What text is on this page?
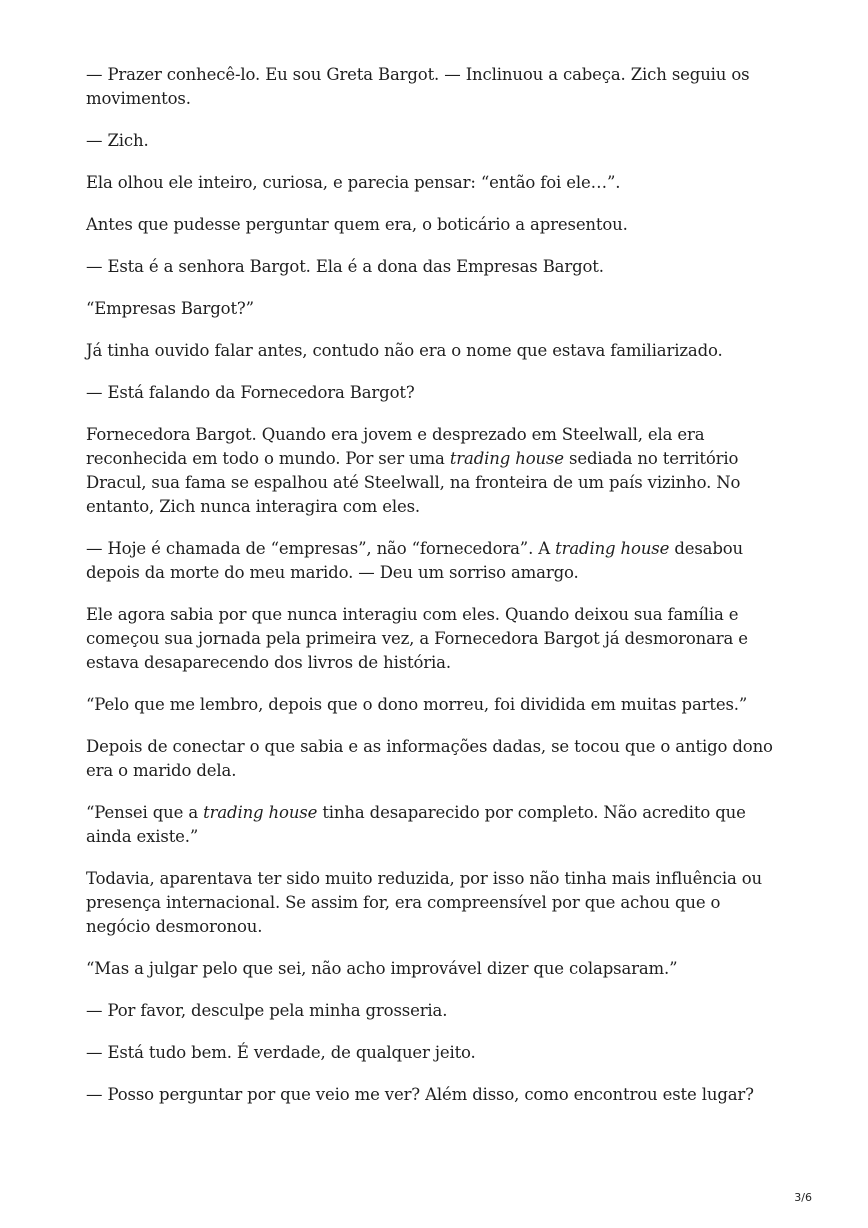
— Prazer conhecê-lo. Eu sou Greta Bargot. — Inclinuou a cabeça. Zich seguiu os movimentos.

— Zich.

Ela olhou ele inteiro, curiosa, e parecia pensar: “então foi ele…”.

Antes que pudesse perguntar quem era, o boticário a apresentou.

— Esta é a senhora Bargot. Ela é a dona das Empresas Bargot.

“Empresas Bargot?”

Já tinha ouvido falar antes, contudo não era o nome que estava familiarizado.

— Está falando da Fornecedora Bargot?

Fornecedora Bargot. Quando era jovem e desprezado em Steelwall, ela era reconhecida em todo o mundo. Por ser uma trading house sediada no território Dracul, sua fama se espalhou até Steelwall, na fronteira de um país vizinho. No entanto, Zich nunca interagira com eles.

— Hoje é chamada de “empresas”, não “fornecedora”. A trading house desabou depois da morte do meu marido. — Deu um sorriso amargo.

Ele agora sabia por que nunca interagiu com eles. Quando deixou sua família e começou sua jornada pela primeira vez, a Fornecedora Bargot já desmoronara e estava desaparecendo dos livros de história.

“Pelo que me lembro, depois que o dono morreu, foi dividida em muitas partes.”

Depois de conectar o que sabia e as informações dadas, se tocou que o antigo dono era o marido dela.

“Pensei que a trading house tinha desaparecido por completo. Não acredito que ainda existe.”

Todavia, aparentava ter sido muito reduzida, por isso não tinha mais influência ou presença internacional. Se assim for, era compreensível por que achou que o negócio desmoronou.

“Mas a julgar pelo que sei, não acho improvável dizer que colapsaram.”

— Por favor, desculpe pela minha grosseria.

— Está tudo bem. É verdade, de qualquer jeito.

— Posso perguntar por que veio me ver? Além disso, como encontrou este lugar?

3/6
